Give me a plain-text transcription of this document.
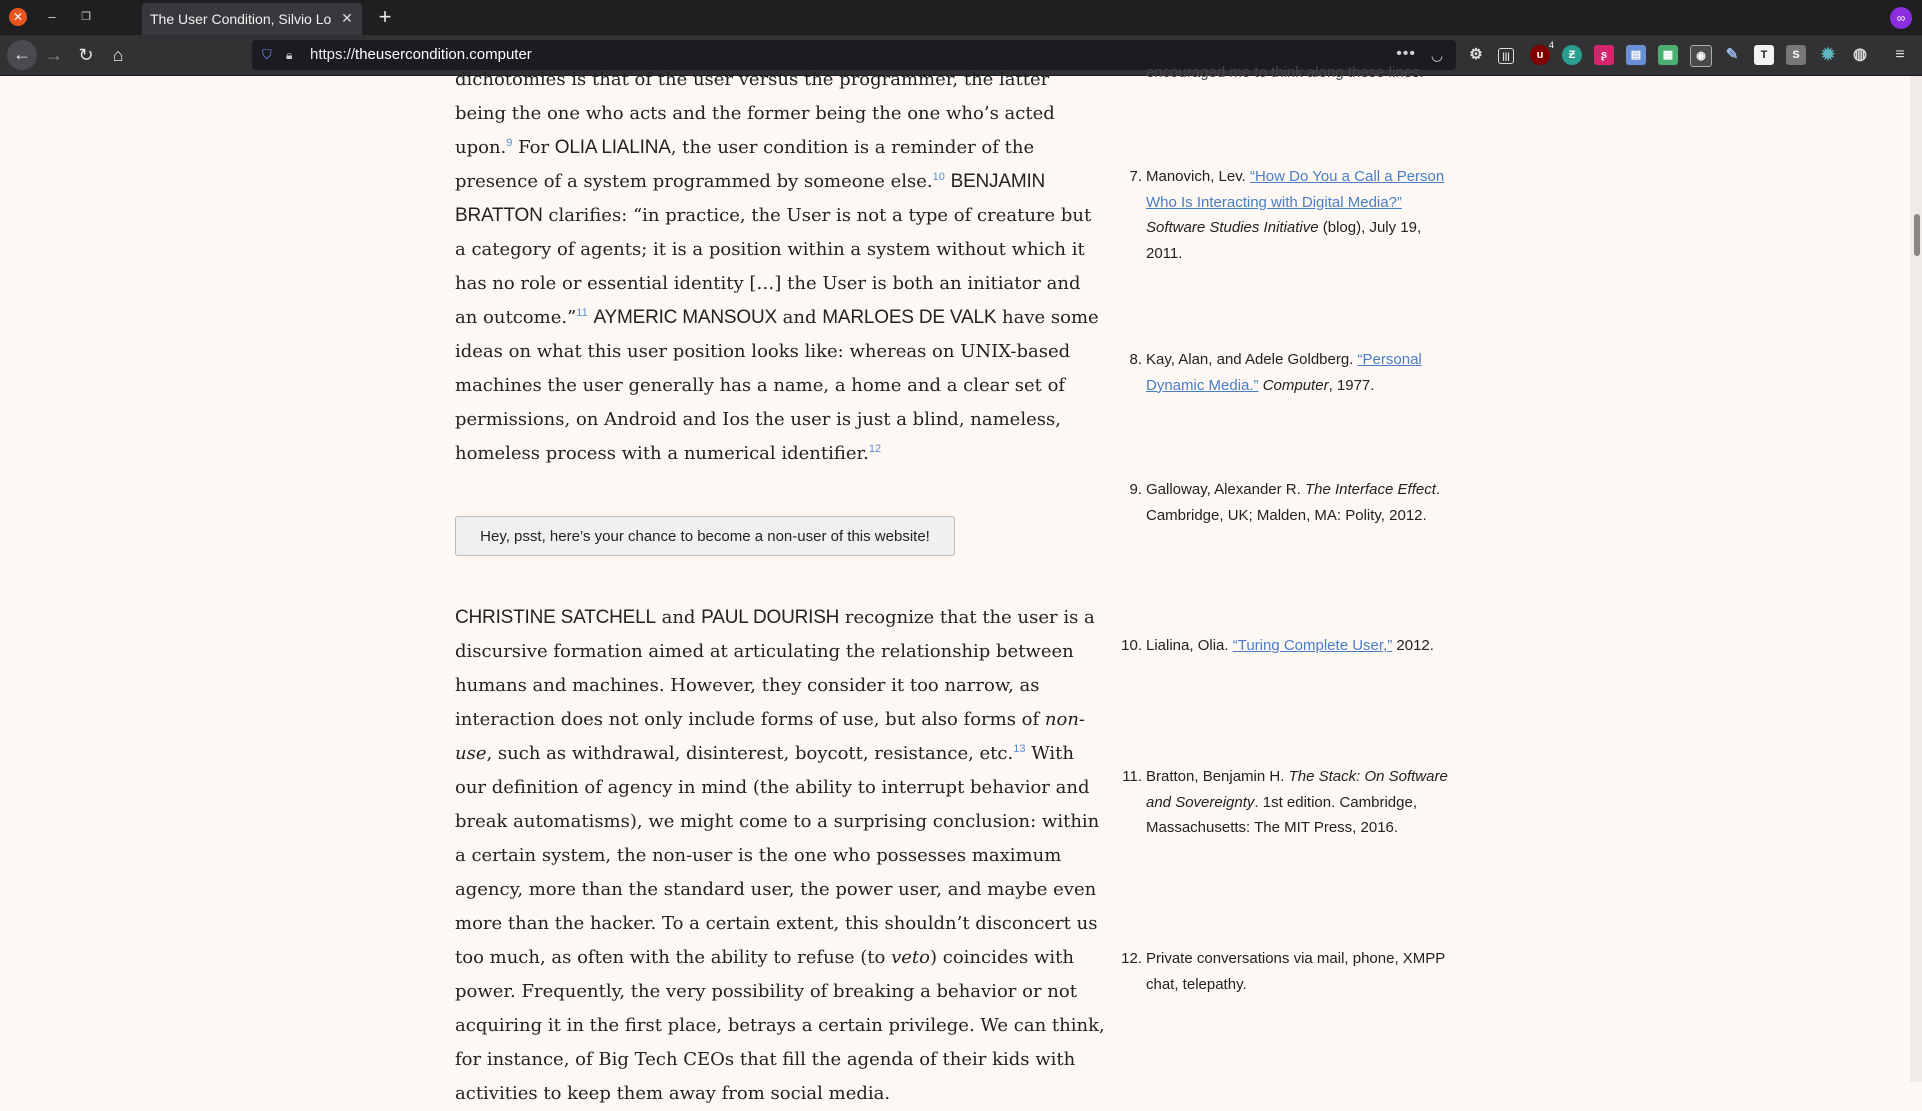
✕	–	❐	The User Condition, Silvio Lo ✕ +	∞
← → ↻	⌂	⛉	🔒︎	https://theusercondition.computer	••• ◡ ⚙	|||	u
4
Ƶ	ʂ	▤	▦	◉	✎	T	S	✹ ◍	≡

dichotomies is that of the user versus the programmer, the latter being the one who acts and the former being the one who’s acted upon.$^9$ For OLIA LIALINA, the user condition is a reminder of the presence of a system programmed by someone else.$^{10}$ BENJAMIN BRATTON clarifies: “in practice, the User is not a type of creature but a category of agents; it is a position within a system without which it has no role or essential identity […] the User is both an initiator and an outcome.”$^{11}$ AYMERIC MANSOUX and MARLOES DE VALK have some ideas on what this user position looks like: whereas on UNIX-based machines the user generally has a name, a home and a clear set of permissions, on Android and Ios the user is just a blind, nameless, homeless process with a numerical identifier.$^{12}$

Hey, psst, here’s your chance to become a non-user of this website!

CHRISTINE SATCHELL and PAUL DOURISH recognize that the user is a discursive formation aimed at articulating the relationship between humans and machines. However, they consider it too narrow, as interaction does not only include forms of use, but also forms of non-use, such as withdrawal, disinterest, boycott, resistance, etc.$^{13}$ With our definition of agency in mind (the ability to interrupt behavior and break automatisms), we might come to a surprising conclusion: within a certain system, the non-user is the one who possesses maximum agency, more than the standard user, the power user, and maybe even more than the hacker. To a certain extent, this shouldn’t disconcert us too much, as often with the ability to refuse (to veto) coincides with power. Frequently, the very possibility of breaking a behavior or not acquiring it in the first place, betrays a certain privilege. We can think, for instance, of Big Tech CEOs that fill the agenda of their kids with activities to keep them away from social media.

encouraged me to think along these lines.
7. Manovich, Lev. “How Do You a Call a Person Who Is Interacting with Digital Media?” Software Studies Initiative (blog), July 19, 2011.
8. Kay, Alan, and Adele Goldberg. “Personal Dynamic Media.” Computer, 1977.
9. Galloway, Alexander R. The Interface Effect. Cambridge, UK; Malden, MA: Polity, 2012.
10. Lialina, Olia. “Turing Complete User,” 2012.
11. Bratton, Benjamin H. The Stack: On Software and Sovereignty. 1st edition. Cambridge, Massachusetts: The MIT Press, 2016.
12. Private conversations via mail, phone, XMPP chat, telepathy.
